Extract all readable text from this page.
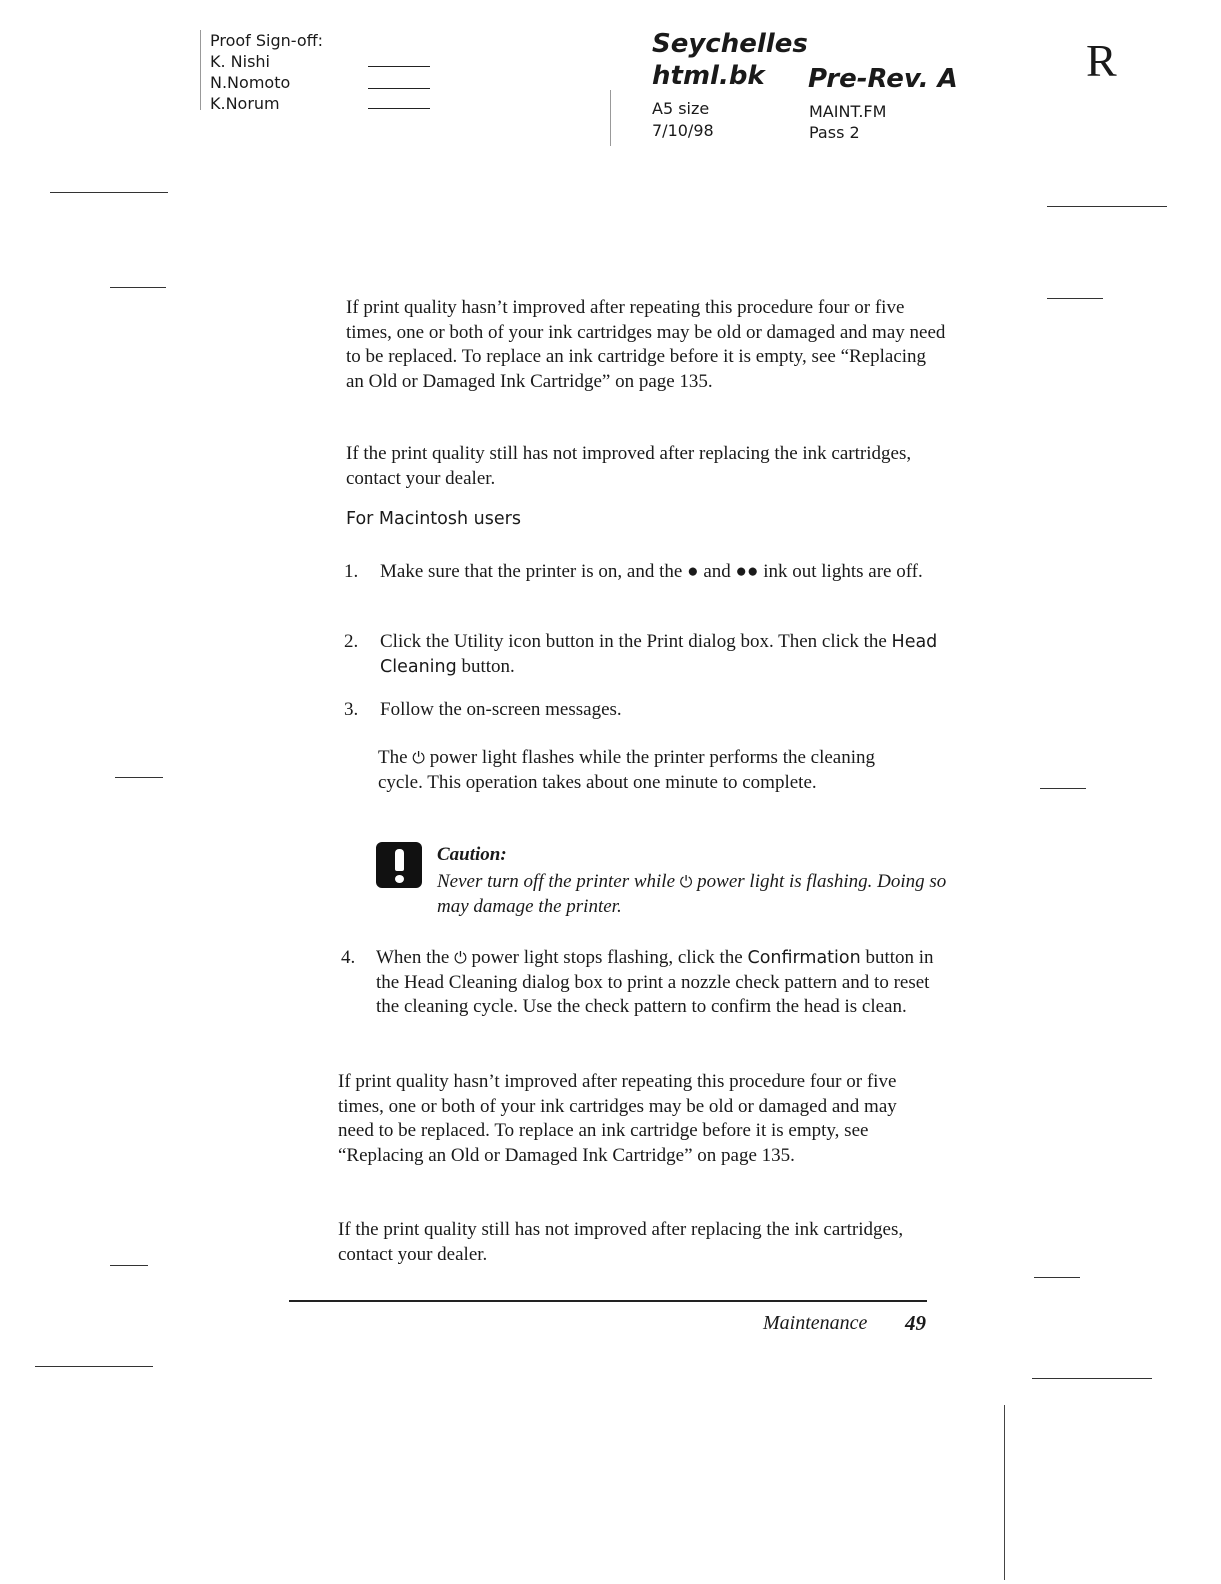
Proof Sign-off:
K. Nishi
N.Nomoto
K.Norum
Seychelles
html.bk	Pre-Rev. A
A5 size
7/10/98
MAINT.FM
Pass 2
R
If print quality hasn’t improved after repeating this procedure four or five times, one or both of your ink cartridges may be old or damaged and may need to be replaced. To replace an ink cartridge before it is empty, see “Replacing an Old or Damaged Ink Cartridge” on page 135.
If the print quality still has not improved after replacing the ink cartridges, contact your dealer.
For Macintosh users
1. Make sure that the printer is on, and the ● and ●● ink out lights are off.
2. Click the Utility icon button in the Print dialog box. Then click the Head Cleaning button.
3. Follow the on-screen messages.
The ⏻ power light flashes while the printer performs the cleaning cycle. This operation takes about one minute to complete.
Caution:
Never turn off the printer while ⏻ power light is flashing. Doing so may damage the printer.
4. When the ⏻ power light stops flashing, click the Confirmation button in the Head Cleaning dialog box to print a nozzle check pattern and to reset the cleaning cycle. Use the check pattern to confirm the head is clean.
If print quality hasn’t improved after repeating this procedure four or five times, one or both of your ink cartridges may be old or damaged and may need to be replaced. To replace an ink cartridge before it is empty, see “Replacing an Old or Damaged Ink Cartridge” on page 135.
If the print quality still has not improved after replacing the ink cartridges, contact your dealer.
Maintenance 49
